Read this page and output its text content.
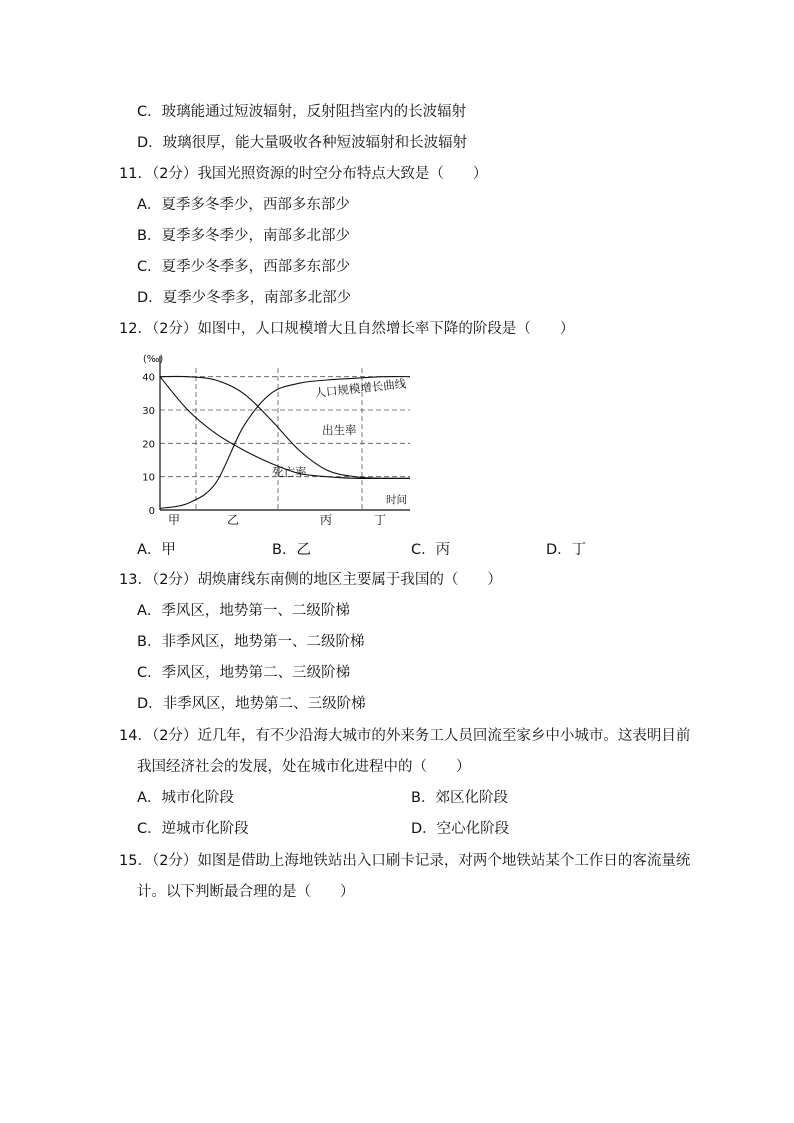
C．玻璃能通过短波辐射，反射阻挡室内的长波辐射
D．玻璃很厚，能大量吸收各种短波辐射和长波辐射
11．（2分）我国光照资源的时空分布特点大致是（　　）
A．夏季多冬季少，西部多东部少
B．夏季多冬季少，南部多北部少
C．夏季少冬季多，西部多东部少
D．夏季少冬季多，南部多北部少
12．（2分）如图中，人口规模增大且自然增长率下降的阶段是（　　）
0
10
20
30
40
(‰)
时间
甲	乙	丙	丁
人口规模增长曲线
出生率
死亡率
A．甲	B．乙	C．丙	D．丁
13．（2分）胡焕庸线东南侧的地区主要属于我国的（　　）
A．季风区，地势第一、二级阶梯
B．非季风区，地势第一、二级阶梯
C．季风区，地势第二、三级阶梯
D．非季风区，地势第二、三级阶梯
14．（2分）近几年，有不少沿海大城市的外来务工人员回流至家乡中小城市。这表明目前
我国经济社会的发展，处在城市化进程中的（　　）
A．城市化阶段	B．郊区化阶段
C．逆城市化阶段	D．空心化阶段
15．（2分）如图是借助上海地铁站出入口刷卡记录，对两个地铁站某个工作日的客流量统
计。以下判断最合理的是（　　）
